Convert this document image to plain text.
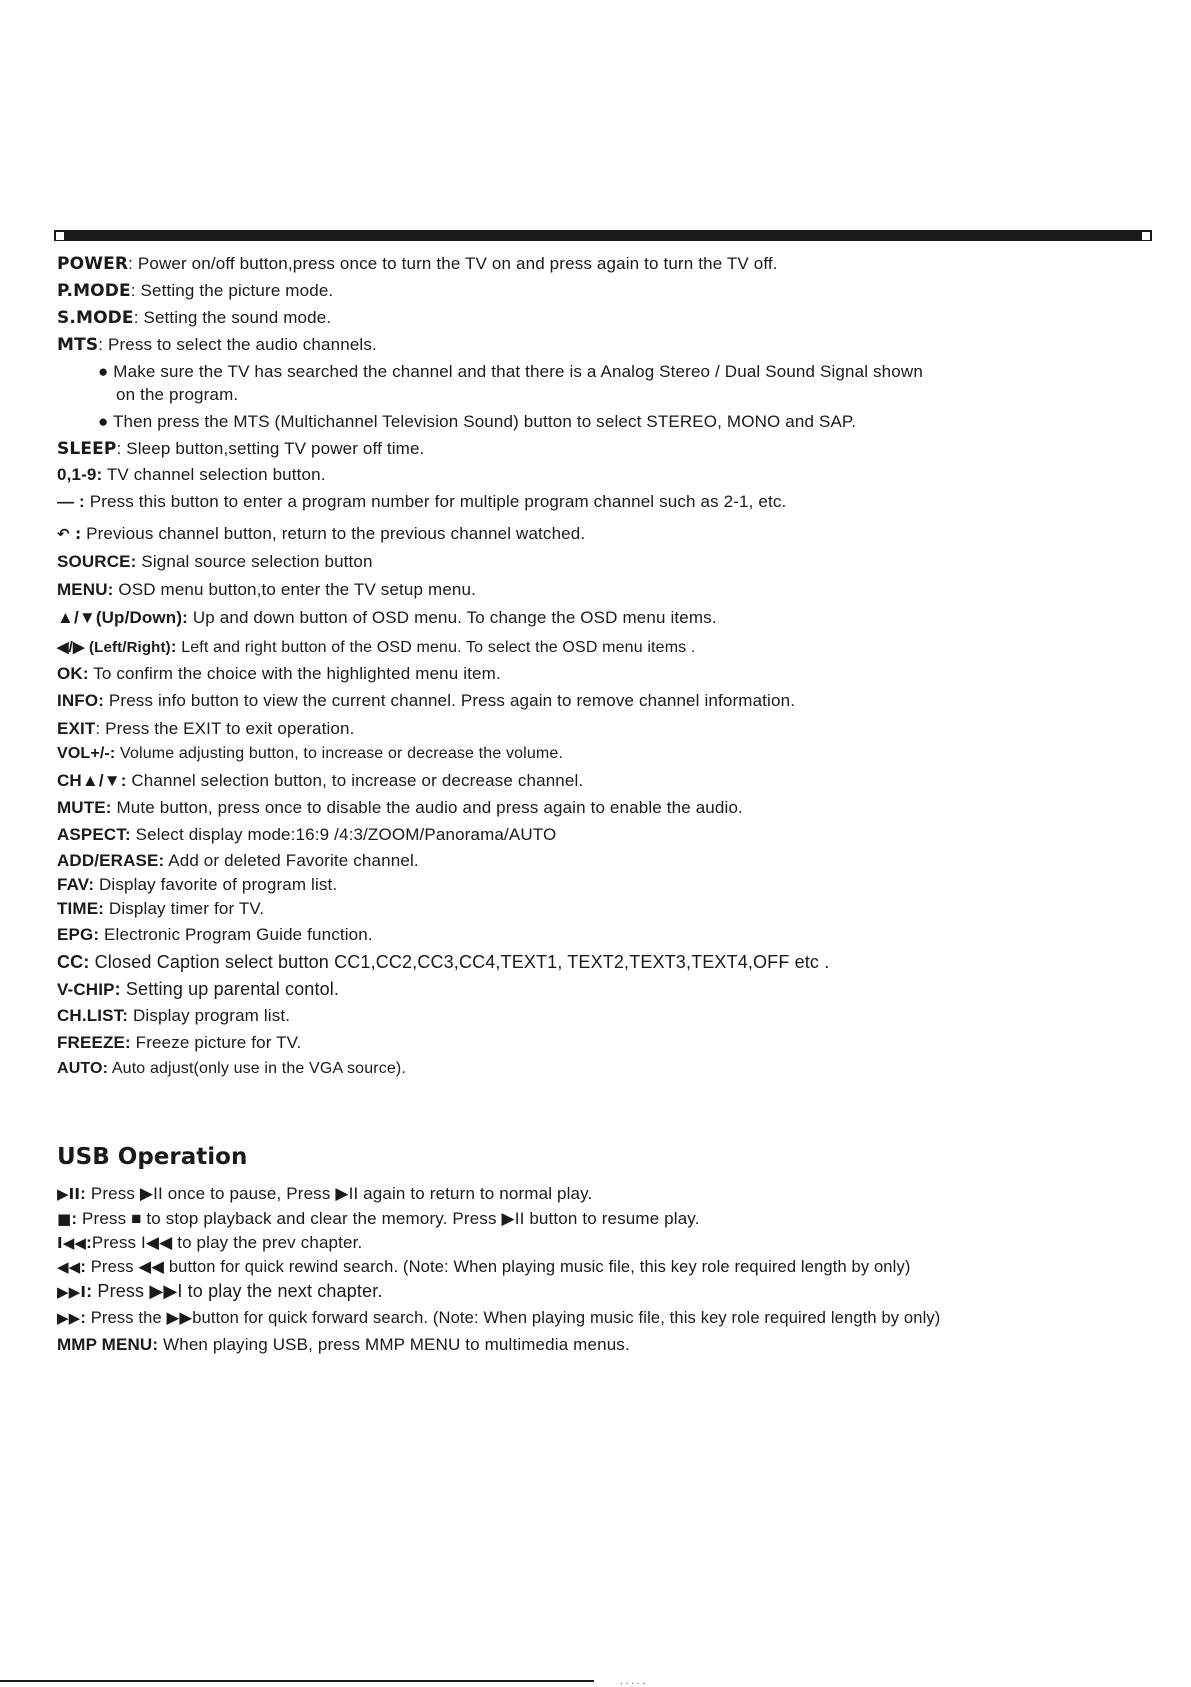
POWER: Power on/off button,press once to turn the TV on and press again to turn the TV off.
P.MODE: Setting the picture mode.
S.MODE: Setting the sound mode.
MTS: Press to select the audio channels.
● Make sure the TV has searched the channel and that there is a Analog Stereo / Dual Sound Signal shown
on the program.
● Then press the MTS (Multichannel Television Sound) button to select STEREO, MONO and SAP.
SLEEP: Sleep button,setting TV power off time.
0,1-9: TV channel selection button.
— : Press this button to enter a program number for multiple program channel such as 2-1, etc.
↶ : Previous channel button, return to the previous channel watched.
SOURCE: Signal source selection button
MENU: OSD menu button,to enter the TV setup menu.
▲/▼(Up/Down): Up and down button of OSD menu. To change the OSD menu items.
◀/▶ (Left/Right): Left and right button of the OSD menu. To select the OSD menu items .
OK: To confirm the choice with the highlighted menu item.
INFO: Press info button to view the current channel. Press again to remove channel information.
EXIT: Press the EXIT to exit operation.
VOL+/-: Volume adjusting button, to increase or decrease the volume.
CH▲/▼: Channel selection button, to increase or decrease channel.
MUTE: Mute button, press once to disable the audio and press again to enable the audio.
ASPECT: Select display mode:16:9 /4:3/ZOOM/Panorama/AUTO
ADD/ERASE: Add or deleted Favorite channel.
FAV: Display favorite of program list.
TIME: Display timer for TV.
EPG: Electronic Program Guide function.
CC: Closed Caption select button CC1,CC2,CC3,CC4,TEXT1, TEXT2,TEXT3,TEXT4,OFF etc .
V-CHIP: Setting up parental contol.
CH.LIST: Display program list.
FREEZE: Freeze picture for TV.
AUTO: Auto adjust(only use in the VGA source).
USB Operation
▶II: Press ▶II once to pause, Press ▶II again to return to normal play.
■: Press ■ to stop playback and clear the memory. Press ▶II button to resume play.
I◀◀:Press I◀◀ to play the prev chapter.
◀◀: Press ◀◀ button for quick rewind search. (Note: When playing music file, this key role required length by only)
▶▶I: Press ▶▶I to play the next chapter.
▶▶: Press the ▶▶button for quick forward search. (Note: When playing music file, this key role required length by only)
MMP MENU: When playing USB, press MMP MENU to multimedia menus.
. . . . .
